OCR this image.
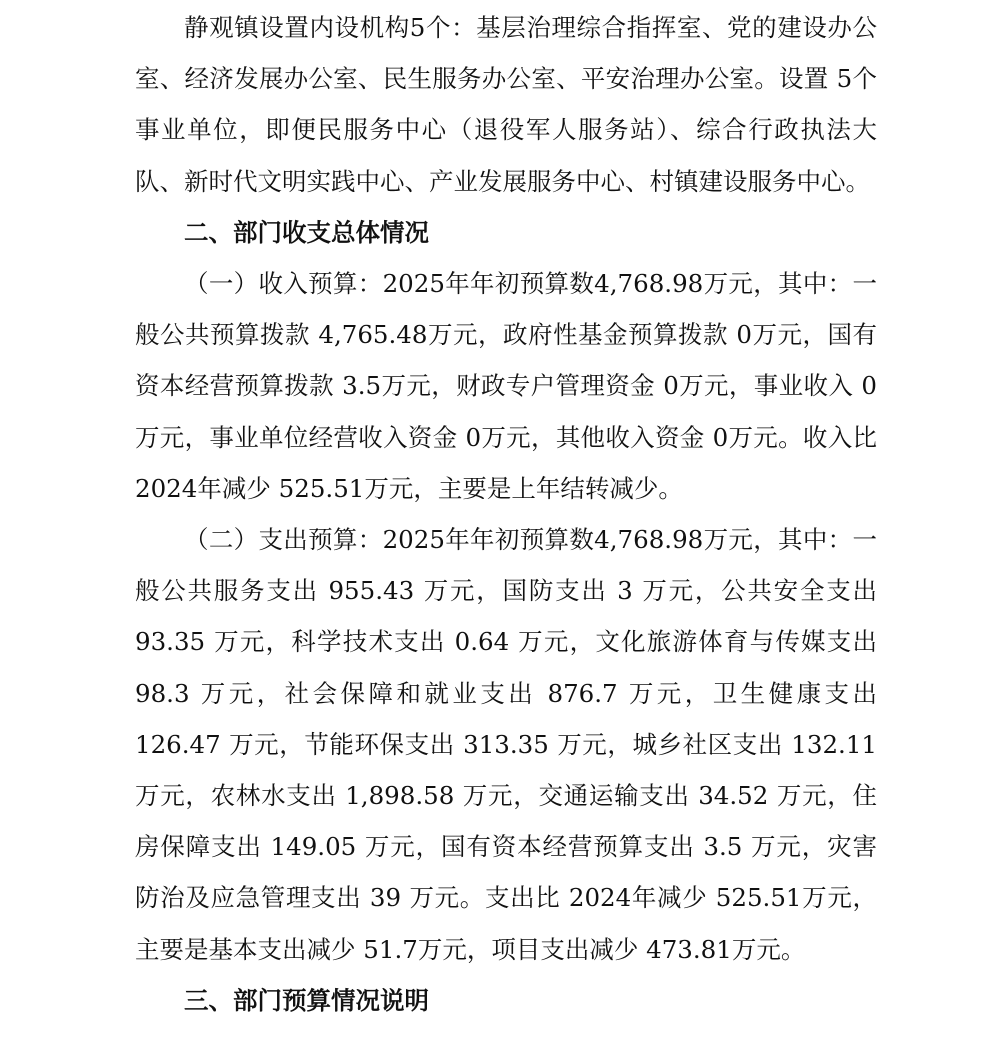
静观镇设置内设机构5个：基层治理综合指挥室、党的建设办公室、经济发展办公室、民生服务办公室、平安治理办公室。设置 5个事业单位，即便民服务中心（退役军人服务站）、综合行政执法大队、新时代文明实践中心、产业发展服务中心、村镇建设服务中心。

二、部门收支总体情况

（一）收入预算：2025年年初预算数4,768.98万元，其中：一般公共预算拨款 4,765.48万元，政府性基金预算拨款 0万元，国有资本经营预算拨款 3.5万元，财政专户管理资金 0万元，事业收入 0万元，事业单位经营收入资金 0万元，其他收入资金 0万元。收入比 2024年减少 525.51万元，主要是上年结转减少。

（二）支出预算：2025年年初预算数4,768.98万元，其中：一般公共服务支出 955.43 万元，国防支出 3 万元，公共安全支出 93.35 万元，科学技术支出 0.64 万元，文化旅游体育与传媒支出 98.3 万元，社会保障和就业支出 876.7 万元，卫生健康支出 126.47 万元，节能环保支出 313.35 万元，城乡社区支出 132.11 万元，农林水支出 1,898.58 万元，交通运输支出 34.52 万元，住房保障支出 149.05 万元，国有资本经营预算支出 3.5 万元，灾害防治及应急管理支出 39 万元。支出比 2024年减少 525.51万元，主要是基本支出减少 51.7万元，项目支出减少 473.81万元。

三、部门预算情况说明
